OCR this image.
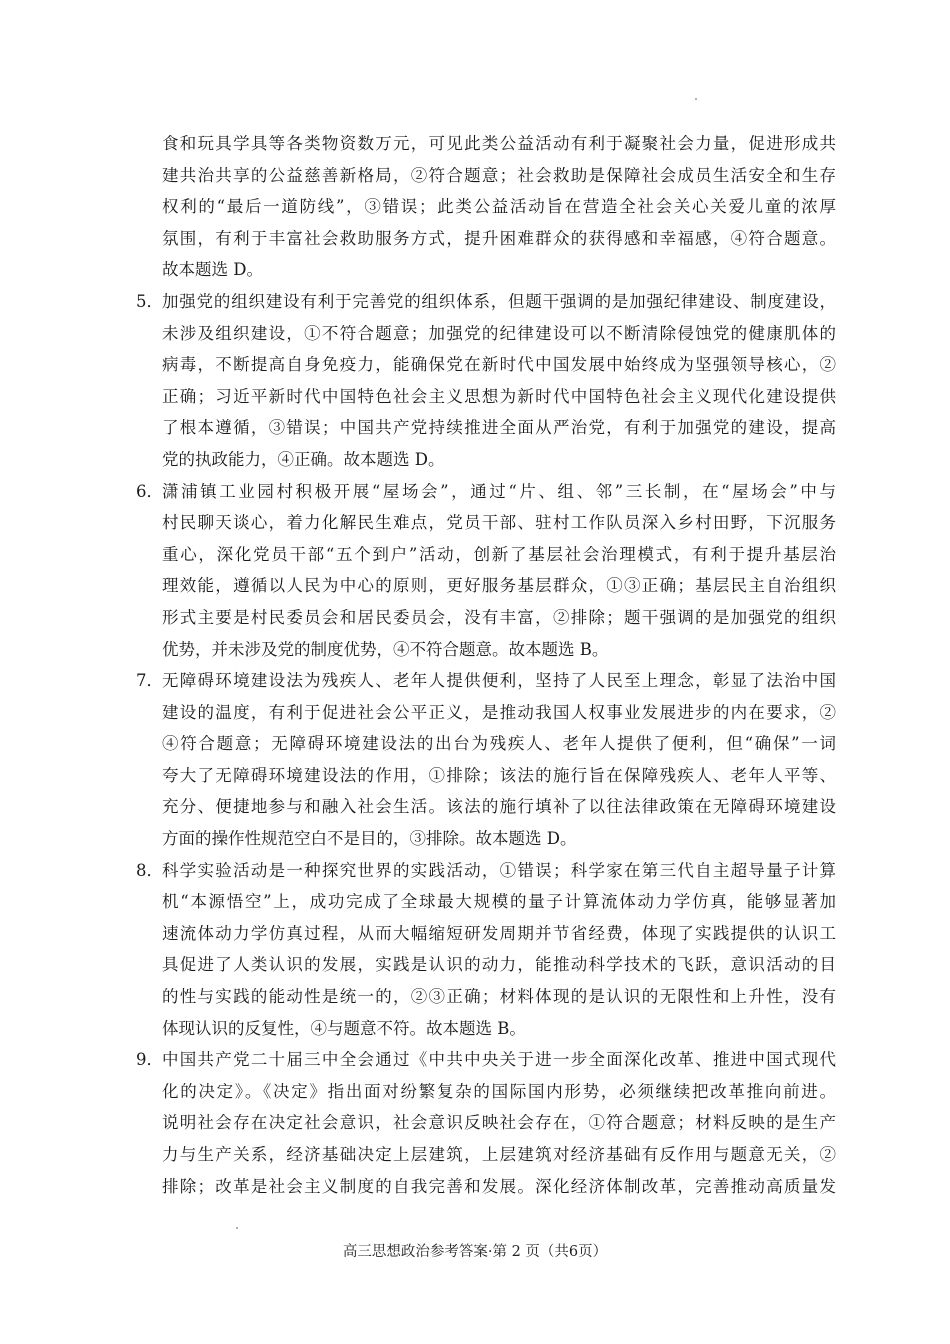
食和玩具学具等各类物资数万元，可见此类公益活动有利于凝聚社会力量，促进形成共
建共治共享的公益慈善新格局，②符合题意；社会救助是保障社会成员生活安全和生存
权利的“最后一道防线”，③错误；此类公益活动旨在营造全社会关心关爱儿童的浓厚
氛围，有利于丰富社会救助服务方式，提升困难群众的获得感和幸福感，④符合题意。
故本题选 D。
5． 加强党的组织建设有利于完善党的组织体系，但题干强调的是加强纪律建设、制度建设，
未涉及组织建设，①不符合题意；加强党的纪律建设可以不断清除侵蚀党的健康肌体的
病毒，不断提高自身免疫力，能确保党在新时代中国发展中始终成为坚强领导核心，②
正确；习近平新时代中国特色社会主义思想为新时代中国特色社会主义现代化建设提供
了根本遵循，③错误；中国共产党持续推进全面从严治党，有利于加强党的建设，提高
党的执政能力，④正确。故本题选 D。
6． 潇浦镇工业园村积极开展“屋场会”，通过“片、组、邻”三长制，在“屋场会”中与
村民聊天谈心，着力化解民生难点，党员干部、驻村工作队员深入乡村田野，下沉服务
重心，深化党员干部“五个到户”活动，创新了基层社会治理模式，有利于提升基层治
理效能，遵循以人民为中心的原则，更好服务基层群众，①③正确；基层民主自治组织
形式主要是村民委员会和居民委员会，没有丰富，②排除；题干强调的是加强党的组织
优势，并未涉及党的制度优势，④不符合题意。故本题选 B。
7． 无障碍环境建设法为残疾人、老年人提供便利，坚持了人民至上理念，彰显了法治中国
建设的温度，有利于促进社会公平正义，是推动我国人权事业发展进步的内在要求，②
④符合题意；无障碍环境建设法的出台为残疾人、老年人提供了便利，但“确保”一词
夸大了无障碍环境建设法的作用，①排除；该法的施行旨在保障残疾人、老年人平等、
充分、便捷地参与和融入社会生活。该法的施行填补了以往法律政策在无障碍环境建设
方面的操作性规范空白不是目的，③排除。故本题选 D。
8． 科学实验活动是一种探究世界的实践活动，①错误；科学家在第三代自主超导量子计算
机“本源悟空”上，成功完成了全球最大规模的量子计算流体动力学仿真，能够显著加
速流体动力学仿真过程，从而大幅缩短研发周期并节省经费，体现了实践提供的认识工
具促进了人类认识的发展，实践是认识的动力，能推动科学技术的飞跃，意识活动的目
的性与实践的能动性是统一的，②③正确；材料体现的是认识的无限性和上升性，没有
体现认识的反复性，④与题意不符。故本题选 B。
9． 中国共产党二十届三中全会通过《中共中央关于进一步全面深化改革、推进中国式现代
化的决定》。《决定》指出面对纷繁复杂的国际国内形势，必须继续把改革推向前进。
说明社会存在决定社会意识，社会意识反映社会存在，①符合题意；材料反映的是生产
力与生产关系，经济基础决定上层建筑，上层建筑对经济基础有反作用与题意无关，②
排除；改革是社会主义制度的自我完善和发展。深化经济体制改革，完善推动高质量发
高三思想政治参考答案·第 2 页（共6页）
